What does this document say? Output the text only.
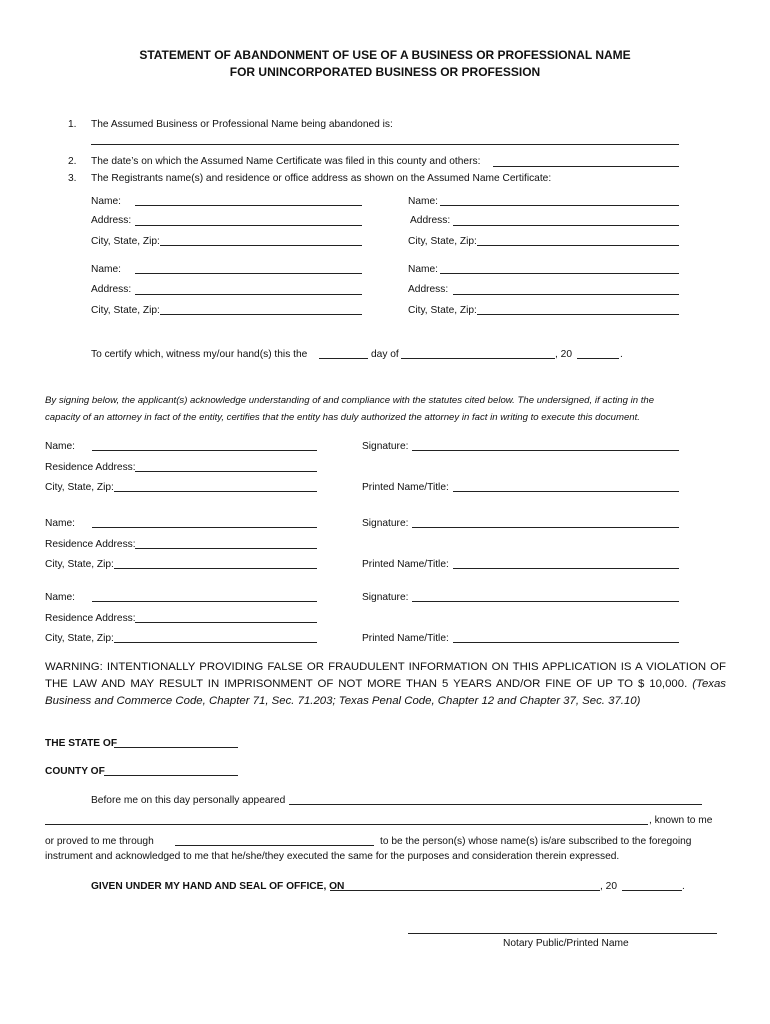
STATEMENT OF ABANDONMENT OF USE OF A BUSINESS OR PROFESSIONAL NAME
FOR UNINCORPORATED BUSINESS OR PROFESSION
1. The Assumed Business or Professional Name being abandoned is:
2. The date’s on which the Assumed Name Certificate was filed in this county and others:
3. The Registrants name(s) and residence or office address as shown on the Assumed Name Certificate:
Name:	Name:
Address:	Address:
City, State, Zip:	City, State, Zip:
Name:	Name:
Address:	Address:
City, State, Zip:	City, State, Zip:
To certify which, witness my/our hand(s) this the	day of	, 20	.
By signing below, the applicant(s) acknowledge understanding of and compliance with the statutes cited below. The undersigned, if acting in the
capacity of an attorney in fact of the entity, certifies that the entity has duly authorized the attorney in fact in writing to execute this document.
Name:	Signature:
Residence Address:
City, State, Zip:	Printed Name/Title:
Name:	Signature:
Residence Address:
City, State, Zip:	Printed Name/Title:
Name:	Signature:
Residence Address:
City, State, Zip:	Printed Name/Title:
WARNING: INTENTIONALLY PROVIDING FALSE OR FRAUDULENT INFORMATION ON THIS APPLICATION IS A VIOLATION OF THE LAW AND MAY RESULT IN IMPRISONMENT OF NOT MORE THAN 5 YEARS AND/OR FINE OF UP TO $ 10,000. (Texas Business and Commerce Code, Chapter 71, Sec. 71.203; Texas Penal Code, Chapter 12 and Chapter 37, Sec. 37.10)
THE STATE OF
COUNTY OF
Before me on this day personally appeared
, known to me
or proved to me through	to be the person(s) whose name(s) is/are subscribed to the foregoing
instrument and acknowledged to me that he/she/they executed the same for the purposes and consideration therein expressed.
GIVEN UNDER MY HAND AND SEAL OF OFFICE, ON	, 20	.
Notary Public/Printed Name
